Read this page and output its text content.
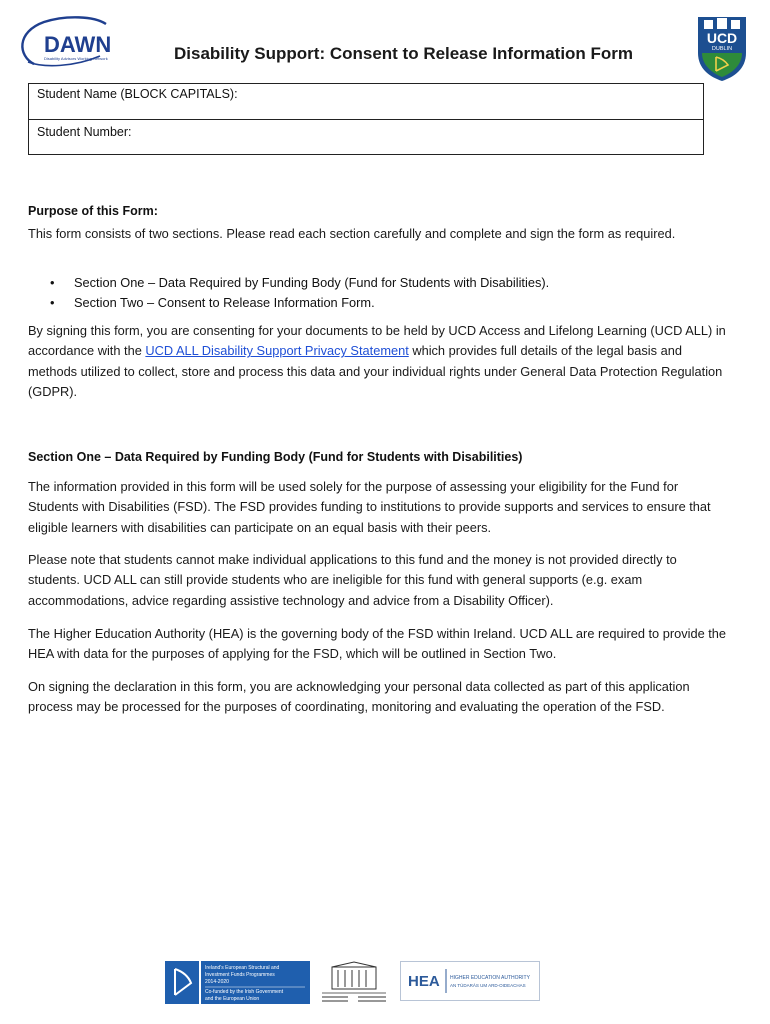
DAWN
Disability Advisors Working Network	Disability Support: Consent to Release Information Form
UCD
DUBLIN
Student Name (BLOCK CAPITALS):
Student Number:
Purpose of this Form:
This form consists of two sections. Please read each section carefully and complete and sign the form as required.
• Section One – Data Required by Funding Body (Fund for Students with Disabilities).
• Section Two – Consent to Release Information Form.
By signing this form, you are consenting for your documents to be held by UCD Access and Lifelong Learning (UCD ALL) in accordance with the UCD ALL Disability Support Privacy Statement which provides full details of the legal basis and methods utilized to collect, store and process this data and your individual rights under General Data Protection Regulation (GDPR).
Section One – Data Required by Funding Body (Fund for Students with Disabilities)
The information provided in this form will be used solely for the purpose of assessing your eligibility for the Fund for Students with Disabilities (FSD). The FSD provides funding to institutions to provide supports and services to ensure that eligible learners with disabilities can participate on an equal basis with their peers.
Please note that students cannot make individual applications to this fund and the money is not provided directly to students. UCD ALL can still provide students who are ineligible for this fund with general supports (e.g. exam accommodations, advice regarding assistive technology and advice from a Disability Officer).
The Higher Education Authority (HEA) is the governing body of the FSD within Ireland. UCD ALL are required to provide the HEA with data for the purposes of applying for the FSD, which will be outlined in Section Two.
On signing the declaration in this form, you are acknowledging your personal data collected as part of this application process may be processed for the purposes of coordinating, monitoring and evaluating the operation of the FSD.
Ireland's European Structural and
Investment Funds Programmes
2014-2020
Co-funded by the Irish Government
and the European Union
HEA HIGHER EDUCATION AUTHORITY
AN TÚDARÁS UM ARD-OIDEACHAS
